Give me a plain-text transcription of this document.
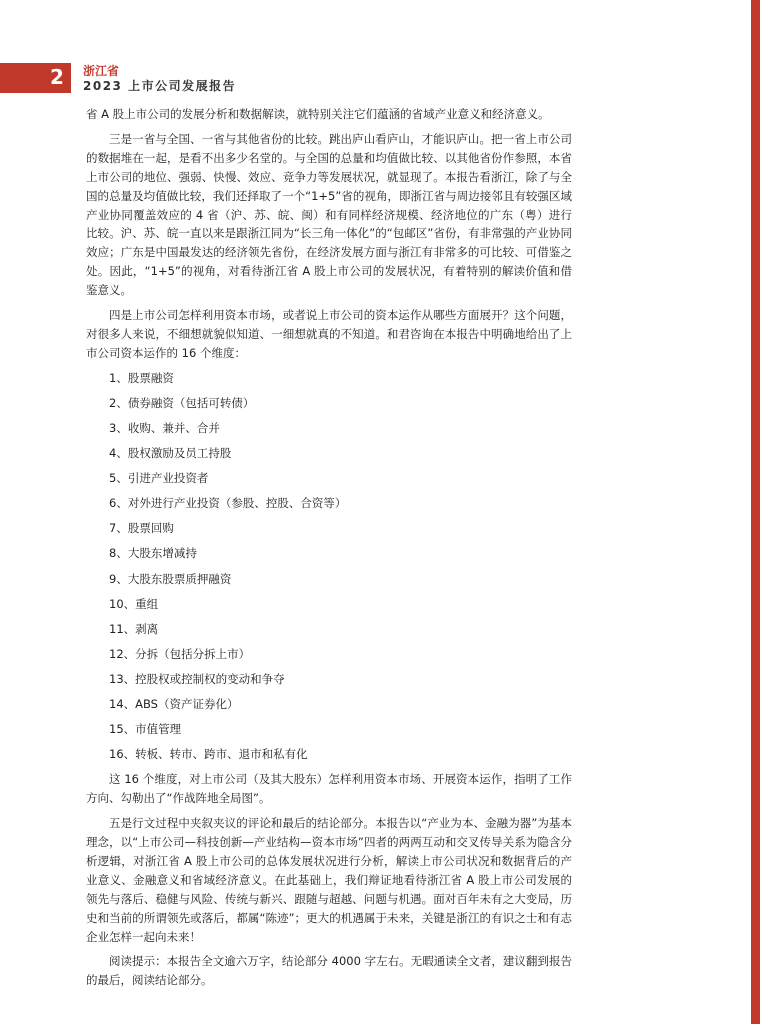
2 浙江省
2023 上市公司发展报告

省 A 股上市公司的发展分析和数据解读，就特别关注它们蕴涵的省域产业意义和经济意义。

三是一省与全国、一省与其他省份的比较。跳出庐山看庐山，才能识庐山。把一省上市公司的数据堆在一起，是看不出多少名堂的。与全国的总量和均值做比较、以其他省份作参照，本省上市公司的地位、强弱、快慢、效应、竞争力等发展状况，就显现了。本报告看浙江，除了与全国的总量及均值做比较，我们还择取了一个“1+5”省的视角，即浙江省与周边接邻且有较强区域产业协同覆盖效应的 4 省（沪、苏、皖、闽）和有同样经济规模、经济地位的广东（粤）进行比较。沪、苏、皖一直以来是跟浙江同为“长三角一体化”的“包邮区”省份，有非常强的产业协同效应；广东是中国最发达的经济领先省份，在经济发展方面与浙江有非常多的可比较、可借鉴之处。因此，“1+5”的视角，对看待浙江省 A 股上市公司的发展状况，有着特别的解读价值和借鉴意义。

四是上市公司怎样利用资本市场，或者说上市公司的资本运作从哪些方面展开？这个问题，对很多人来说，不细想就貌似知道、一细想就真的不知道。和君咨询在本报告中明确地给出了上市公司资本运作的 16 个维度：

1、股票融资
2、债券融资（包括可转债）
3、收购、兼并、合并
4、股权激励及员工持股
5、引进产业投资者
6、对外进行产业投资（参股、控股、合资等）
7、股票回购
8、大股东增减持
9、大股东股票质押融资
10、重组
11、剥离
12、分拆（包括分拆上市）
13、控股权或控制权的变动和争夺
14、ABS（资产证券化）
15、市值管理
16、转板、转市、跨市、退市和私有化

这 16 个维度，对上市公司（及其大股东）怎样利用资本市场、开展资本运作，指明了工作方向、勾勒出了“作战阵地全局图”。

五是行文过程中夹叙夹议的评论和最后的结论部分。本报告以“产业为本、金融为器”为基本理念，以“上市公司—科技创新—产业结构—资本市场”四者的两两互动和交叉传导关系为隐含分析逻辑，对浙江省 A 股上市公司的总体发展状况进行分析，解读上市公司状况和数据背后的产业意义、金融意义和省域经济意义。在此基础上，我们辩证地看待浙江省 A 股上市公司发展的领先与落后、稳健与风险、传统与新兴、跟随与超越、问题与机遇。面对百年未有之大变局，历史和当前的所谓领先或落后，都属“陈迹”；更大的机遇属于未来，关键是浙江的有识之士和有志企业怎样一起向未来！

阅读提示：本报告全文逾六万字，结论部分 4000 字左右。无暇通读全文者，建议翻到报告的最后，阅读结论部分。
